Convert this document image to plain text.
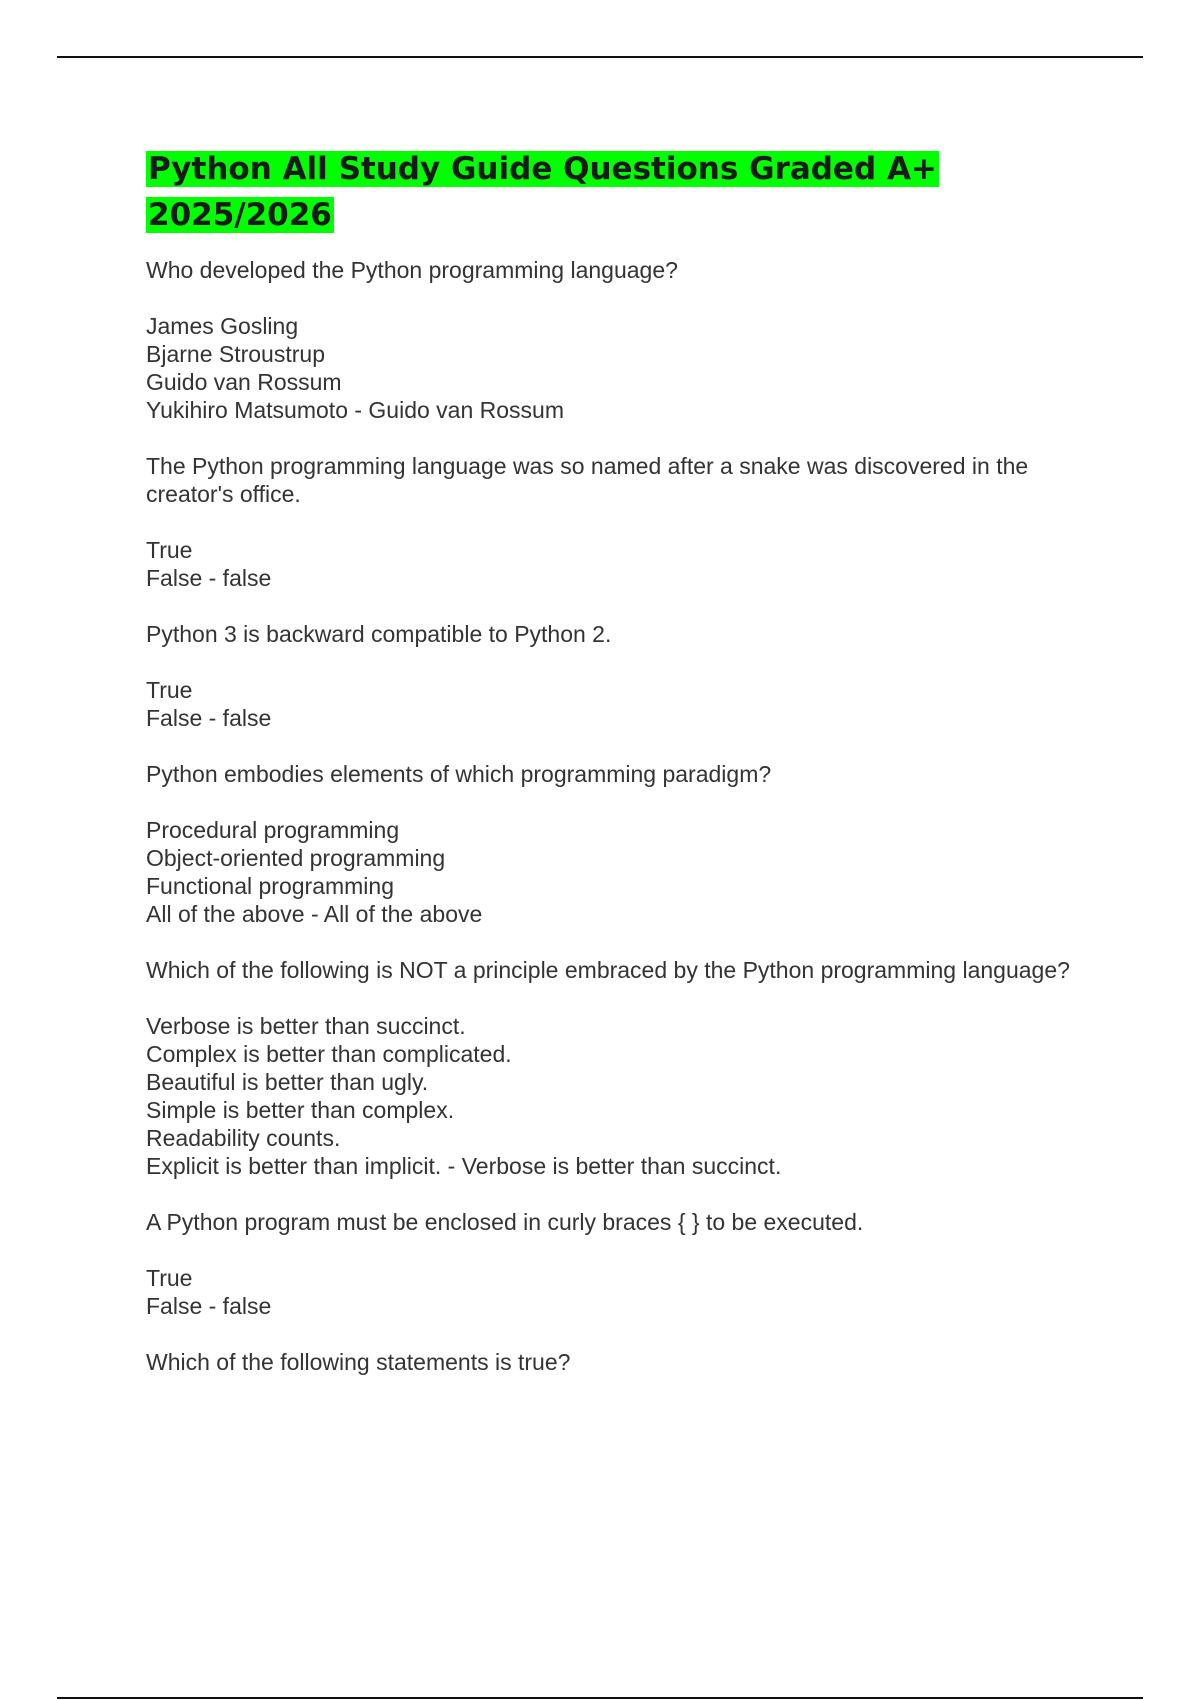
Python All Study Guide Questions Graded A+
2025/2026
Who developed the Python programming language?
James Gosling
Bjarne Stroustrup
Guido van Rossum
Yukihiro Matsumoto - Guido van Rossum
The Python programming language was so named after a snake was discovered in the creator's office.
True
False - false
Python 3 is backward compatible to Python 2.
True
False - false
Python embodies elements of which programming paradigm?
Procedural programming
Object-oriented programming
Functional programming
All of the above - All of the above
Which of the following is NOT a principle embraced by the Python programming language?
Verbose is better than succinct.
Complex is better than complicated.
Beautiful is better than ugly.
Simple is better than complex.
Readability counts.
Explicit is better than implicit. - Verbose is better than succinct.
A Python program must be enclosed in curly braces { } to be executed.
True
False - false
Which of the following statements is true?
